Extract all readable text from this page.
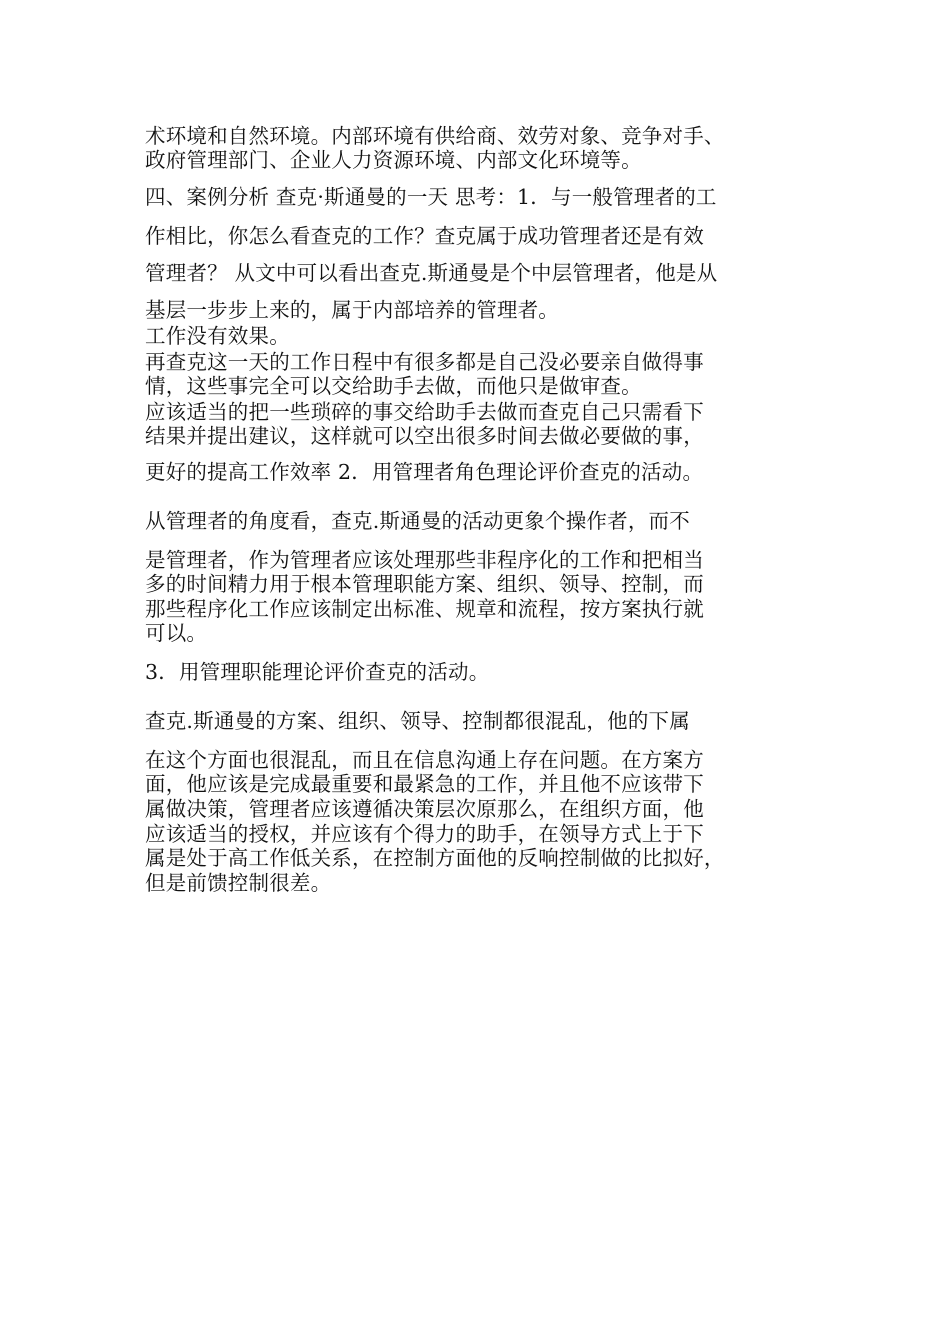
术环境和自然环境。内部环境有供给商、效劳对象、竞争对手、
政府管理部门、企业人力资源环境、内部文化环境等。
四、案例分析 查克·斯通曼的一天 思考：1．与一般管理者的工
作相比，你怎么看查克的工作？查克属于成功管理者还是有效
管理者？ 从文中可以看出查克.斯通曼是个中层管理者，他是从
基层一步步上来的，属于内部培养的管理者。
工作没有效果。
再查克这一天的工作日程中有很多都是自己没必要亲自做得事
情，这些事完全可以交给助手去做，而他只是做审查。
应该适当的把一些琐碎的事交给助手去做而查克自己只需看下
结果并提出建议，这样就可以空出很多时间去做必要做的事，
更好的提高工作效率 2．用管理者角色理论评价查克的活动。
从管理者的角度看，查克.斯通曼的活动更象个操作者，而不
是管理者，作为管理者应该处理那些非程序化的工作和把相当
多的时间精力用于根本管理职能方案、组织、领导、控制，而
那些程序化工作应该制定出标准、规章和流程，按方案执行就
可以。
3．用管理职能理论评价查克的活动。
查克.斯通曼的方案、组织、领导、控制都很混乱，他的下属
在这个方面也很混乱，而且在信息沟通上存在问题。在方案方
面，他应该是完成最重要和最紧急的工作，并且他不应该带下
属做决策，管理者应该遵循决策层次原那么，在组织方面，他
应该适当的授权，并应该有个得力的助手，在领导方式上于下
属是处于高工作低关系，在控制方面他的反响控制做的比拟好，
但是前馈控制很差。
